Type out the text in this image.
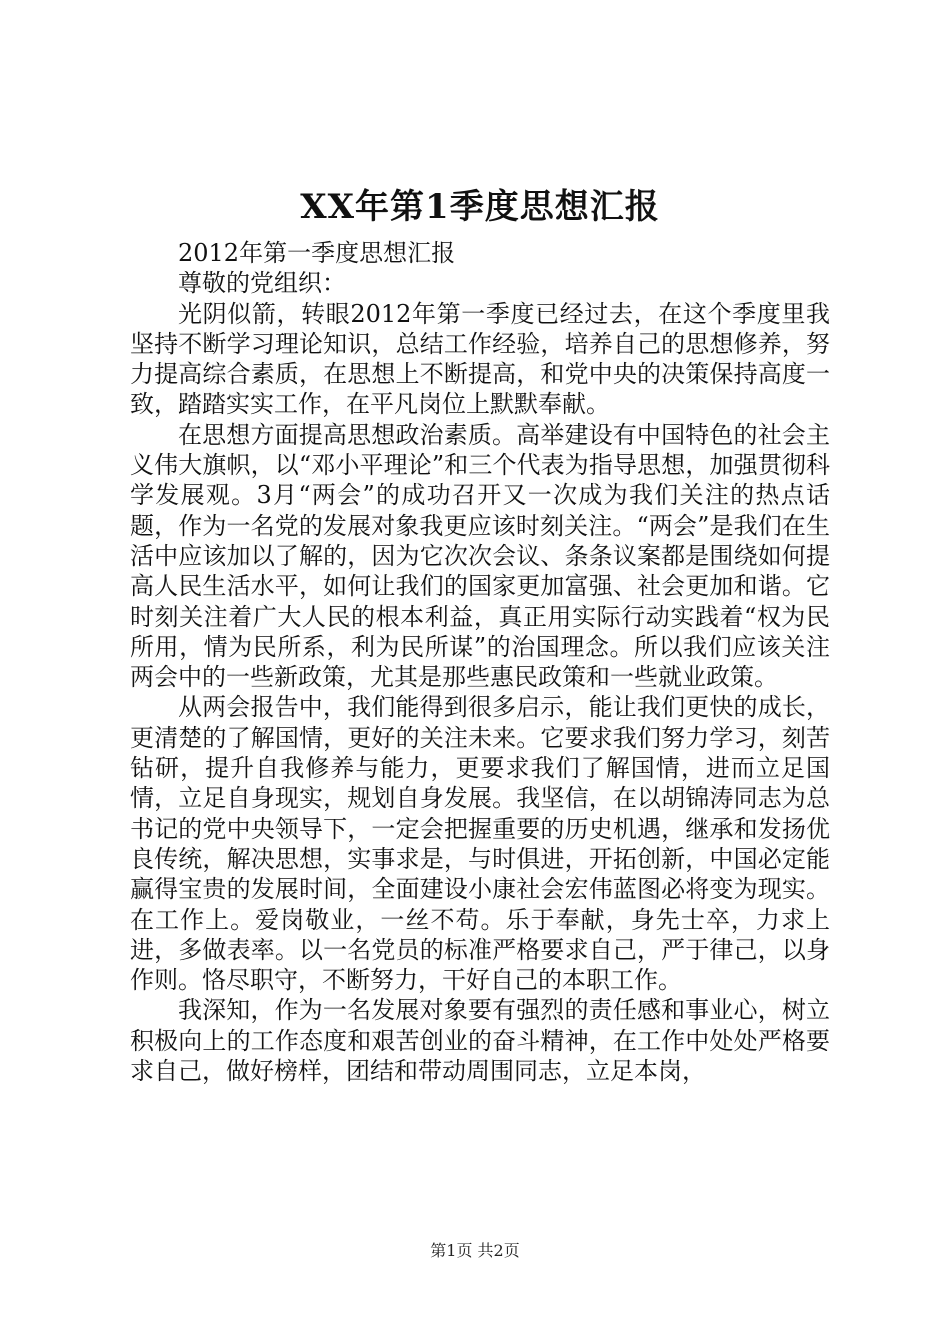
XX年第1季度思想汇报

2012年第一季度思想汇报

尊敬的党组织：

光阴似箭，转眼2012年第一季度已经过去，在这个季度里我坚持不断学习理论知识，总结工作经验，培养自己的思想修养，努力提高综合素质，在思想上不断提高，和党中央的决策保持高度一致，踏踏实实工作，在平凡岗位上默默奉献。

在思想方面提高思想政治素质。高举建设有中国特色的社会主义伟大旗帜，以“邓小平理论”和三个代表为指导思想，加强贯彻科学发展观。3月“两会”的成功召开又一次成为我们关注的热点话题，作为一名党的发展对象我更应该时刻关注。“两会”是我们在生活中应该加以了解的，因为它次次会议、条条议案都是围绕如何提高人民生活水平，如何让我们的国家更加富强、社会更加和谐。它时刻关注着广大人民的根本利益，真正用实际行动实践着“权为民所用，情为民所系，利为民所谋”的治国理念。所以我们应该关注两会中的一些新政策，尤其是那些惠民政策和一些就业政策。

从两会报告中，我们能得到很多启示，能让我们更快的成长，更清楚的了解国情，更好的关注未来。它要求我们努力学习，刻苦钻研，提升自我修养与能力，更要求我们了解国情，进而立足国情，立足自身现实，规划自身发展。我坚信，在以胡锦涛同志为总书记的党中央领导下，一定会把握重要的历史机遇，继承和发扬优良传统，解决思想，实事求是，与时俱进，开拓创新，中国必定能赢得宝贵的发展时间，全面建设小康社会宏伟蓝图必将变为现实。在工作上。爱岗敬业，一丝不苟。乐于奉献，身先士卒，力求上进，多做表率。以一名党员的标准严格要求自己，严于律己，以身作则。恪尽职守，不断努力，干好自己的本职工作。

我深知，作为一名发展对象要有强烈的责任感和事业心，树立积极向上的工作态度和艰苦创业的奋斗精神，在工作中处处严格要求自己，做好榜样，团结和带动周围同志，立足本岗，

第1页 共2页
